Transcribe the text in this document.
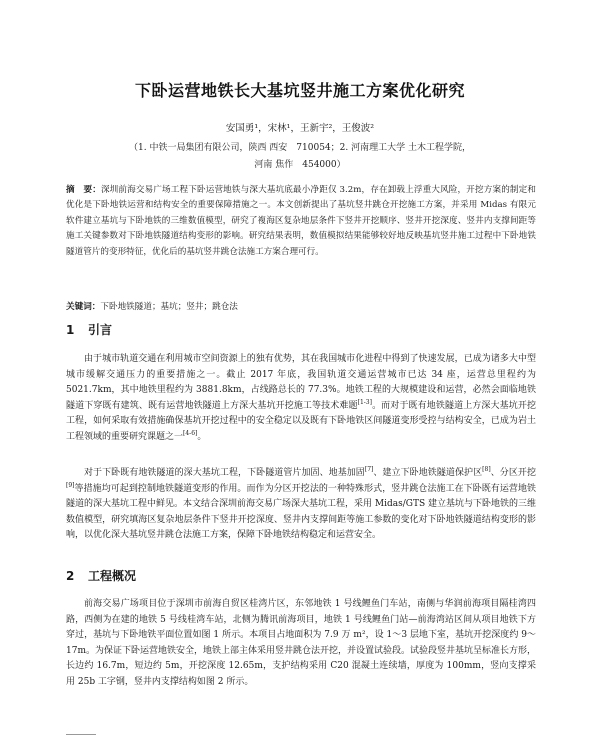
下卧运营地铁长大基坑竖井施工方案优化研究

安国勇¹，宋林¹，王新宇²，王俊波²

（1. 中铁一局集团有限公司，陕西 西安　710054；2. 河南理工大学 土木工程学院，

河南 焦作　454000）

摘　要：深圳前海交易广场工程下卧运营地铁与深大基坑底最小净距仅 3.2m，存在卸载上浮重大风险，开挖方案的制定和优化是下卧地铁运营和结构安全的重要保障措施之一。本文创新提出了基坑竖井跳仓开挖施工方案，并采用 Midas 有限元软件建立基坑与下卧地铁的三维数值模型，研究了複海区复杂地层条件下竖井开挖顺序、竖井开挖深度、竖井内支撑间距等施工关键参数对下卧地铁隧道结构变形的影响。研究结果表明，数值模拟结果能够较好地反映基坑竖井施工过程中下卧地铁隧道管片的变形特征，优化后的基坑竖井跳仓法施工方案合理可行。

关键词：下卧地铁隧道；基坑；竖井；跳仓法

1 引言

由于城市轨道交通在利用城市空间资源上的独有优势，其在我国城市化进程中得到了快速发展，已成为诸多大中型城市缓解交通压力的重要措施之一。截止 2017 年底，我国轨道交通运营城市已达 34 座，运营总里程约为 5021.7km，其中地铁里程约为 3881.8km，占线路总长的 77.3%。地铁工程的大规模建设和运营，必然会面临地铁隧道下穿既有建筑、既有运营地铁隧道上方深大基坑开挖施工等技术难题[1-3]。而对于既有地铁隧道上方深大基坑开挖工程，如何采取有效措施确保基坑开挖过程中的安全稳定以及既有下卧地铁区间隧道变形受控与结构安全，已成为岩土工程领域的重要研究课题之一[4-6]。

对于下卧既有地铁隧道的深大基坑工程，下卧隧道管片加固、地基加固[7]、建立下卧地铁隧道保护区[8]、分区开挖[9]等措施均可起到控制地铁隧道变形的作用。而作为分区开挖法的一种特殊形式，竖井跳仓法施工在下卧既有运营地铁隧道的深大基坑工程中鲜见。本文结合深圳前海交易广场深大基坑工程，采用 Midas/GTS 建立基坑与下卧地铁的三维数值模型，研究填海区复杂地层条件下竖井开挖深度、竖井内支撑间距等施工参数的变化对下卧地铁隧道结构变形的影响，以优化深大基坑竖井跳仓法施工方案，保障下卧地铁结构稳定和运营安全。

2 工程概况

前海交易广场项目位于深圳市前海自贸区桂湾片区，东邻地铁 1 号线鲤鱼门车站，南侧与华润前海项目隔桂湾四路，西侧为在建的地铁 5 号线桂湾车站，北侧为腾讯前海项目，地铁 1 号线鲤鱼门站—前海湾站区间从项目地铁下方穿过，基坑与下卧地铁平面位置如图 1 所示。本项目占地面积为 7.9 万 m²，设 1～3 层地下室，基坑开挖深度约 9～17m。为保证下卧运营地铁安全，地铁上部主体采用竖井跳仓法开挖，并设置试验段。试验段竖井基坑呈标准长方形，长边约 16.7m，短边约 5m，开挖深度 12.65m，支护结构采用 C20 混凝土连续墙，厚度为 100mm，竖向支撑采用 25b 工字钢，竖井内支撑结构如图 2 所示。
